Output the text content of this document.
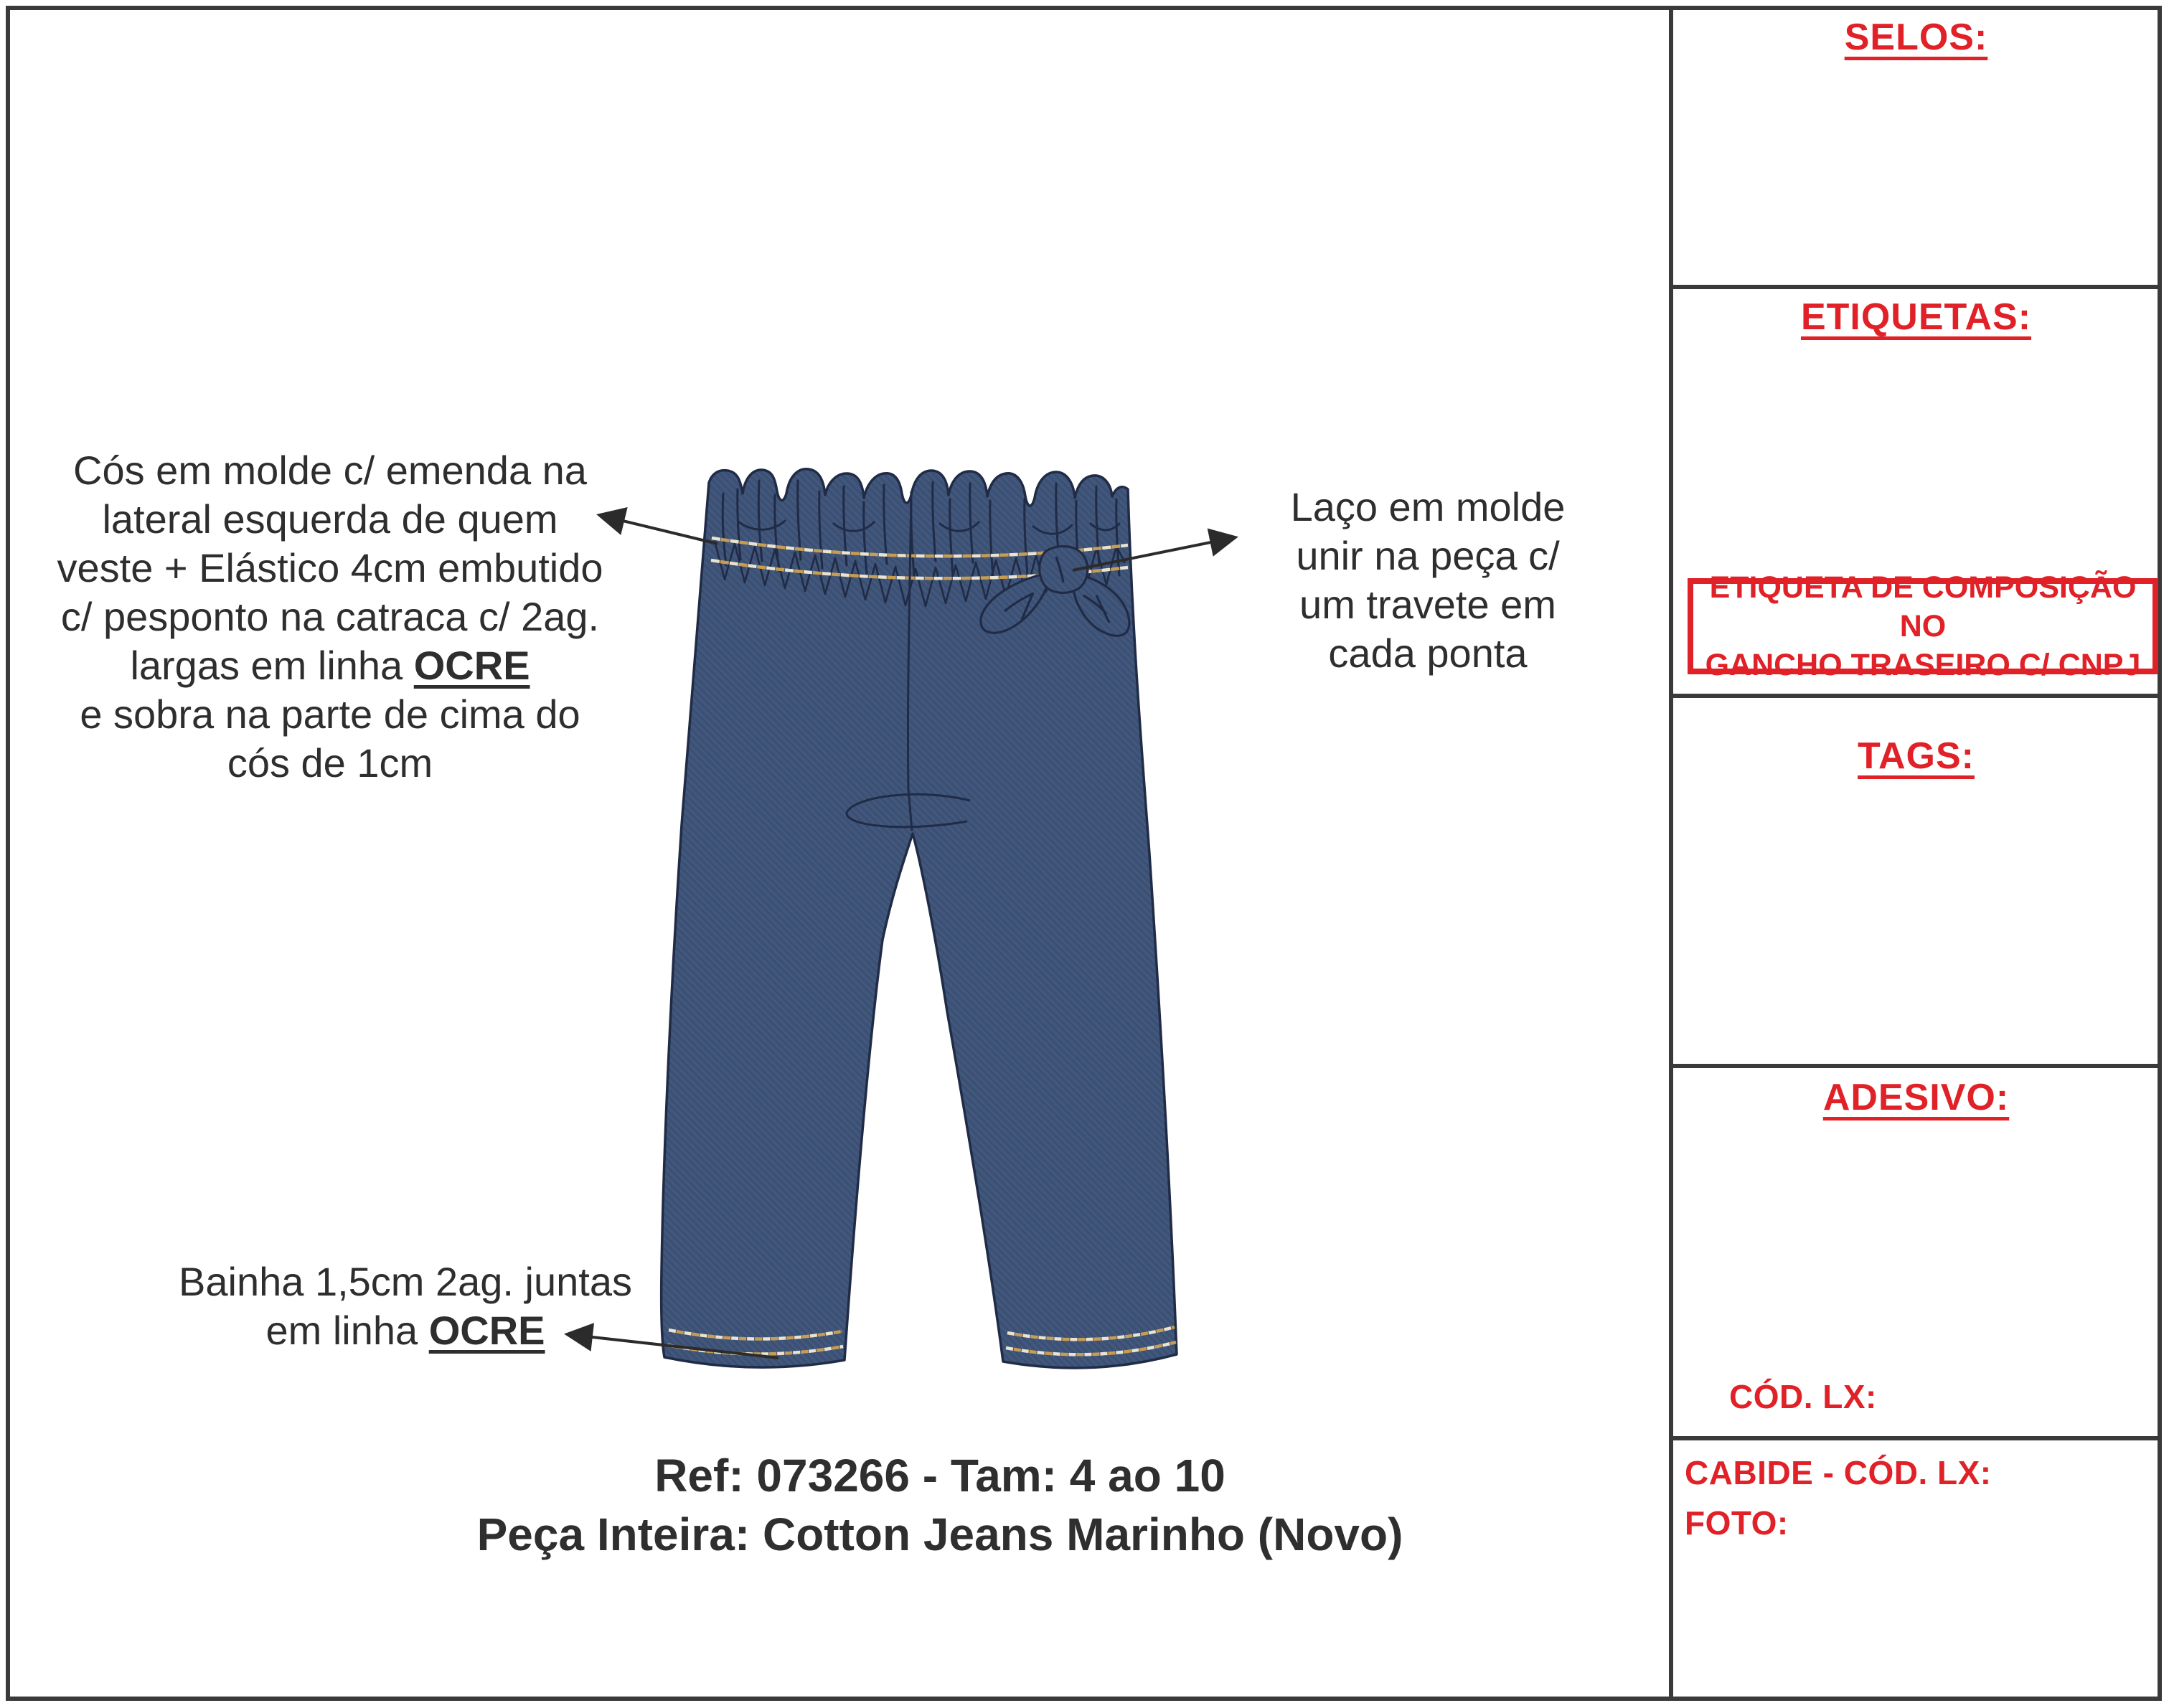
SELOS:
ETIQUETAS:
ETIQUETA DE COMPOSIÇÃO NO
GANCHO TRASEIRO C/ CNPJ
TAGS:
ADESIVO:
CÓD. LX:
CABIDE - CÓD. LX:
FOTO:
Cós em molde c/ emenda na
lateral esquerda de quem
veste + Elástico 4cm embutido
c/ pesponto na catraca c/ 2ag.
largas em linha OCRE
e sobra na parte de cima do
cós de 1cm
Laço em molde
unir na peça c/
um travete em
cada ponta
Bainha 1,5cm 2ag. juntas
em linha OCRE
Ref: 073266 - Tam: 4 ao 10
Peça Inteira: Cotton Jeans Marinho (Novo)
